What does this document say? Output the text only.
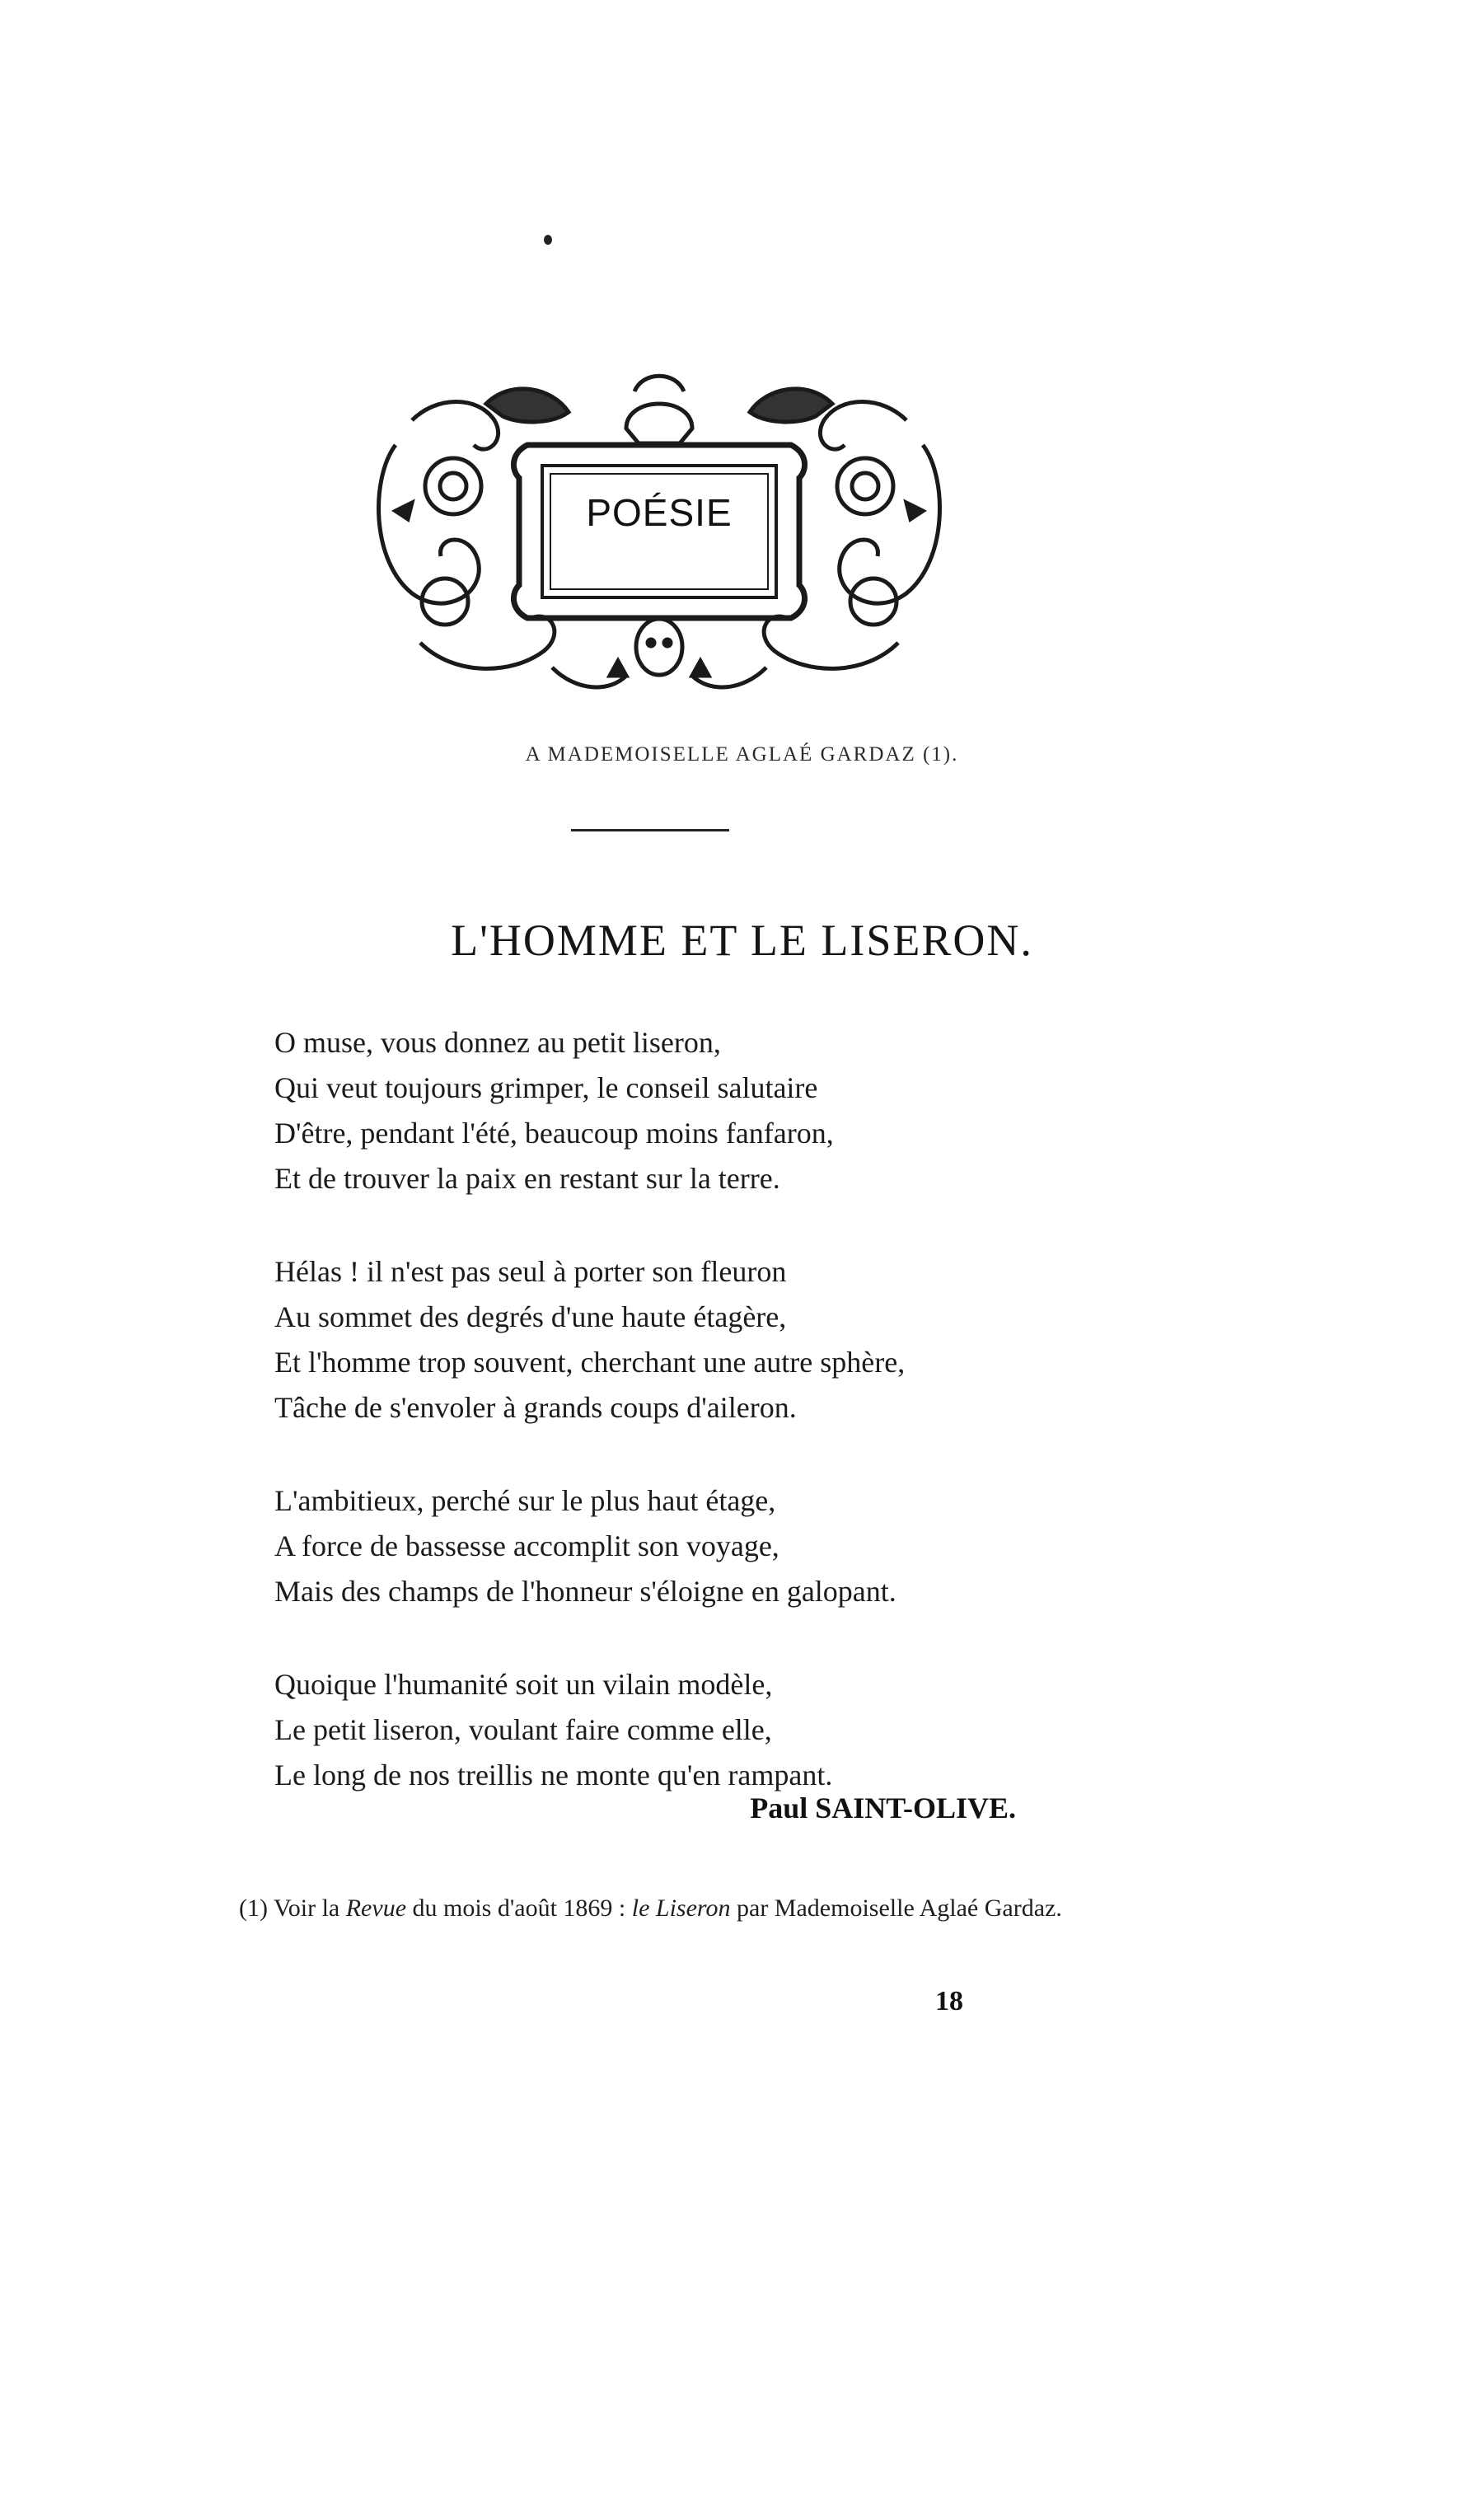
POÉSIE
A MADEMOISELLE AGLAÉ GARDAZ (1).
L'HOMME ET LE LISERON.
O muse, vous donnez au petit liseron,
Qui veut toujours grimper, le conseil salutaire
D'être, pendant l'été, beaucoup moins fanfaron,
Et de trouver la paix en restant sur la terre.
Hélas ! il n'est pas seul à porter son fleuron
Au sommet des degrés d'une haute étagère,
Et l'homme trop souvent, cherchant une autre sphère,
Tâche de s'envoler à grands coups d'aileron.
L'ambitieux, perché sur le plus haut étage,
A force de bassesse accomplit son voyage,
Mais des champs de l'honneur s'éloigne en galopant.
Quoique l'humanité soit un vilain modèle,
Le petit liseron, voulant faire comme elle,
Le long de nos treillis ne monte qu'en rampant.
Paul SAINT-OLIVE.
(1) Voir la Revue du mois d'août 1869 : le Liseron par Mademoiselle Aglaé Gardaz.
18
